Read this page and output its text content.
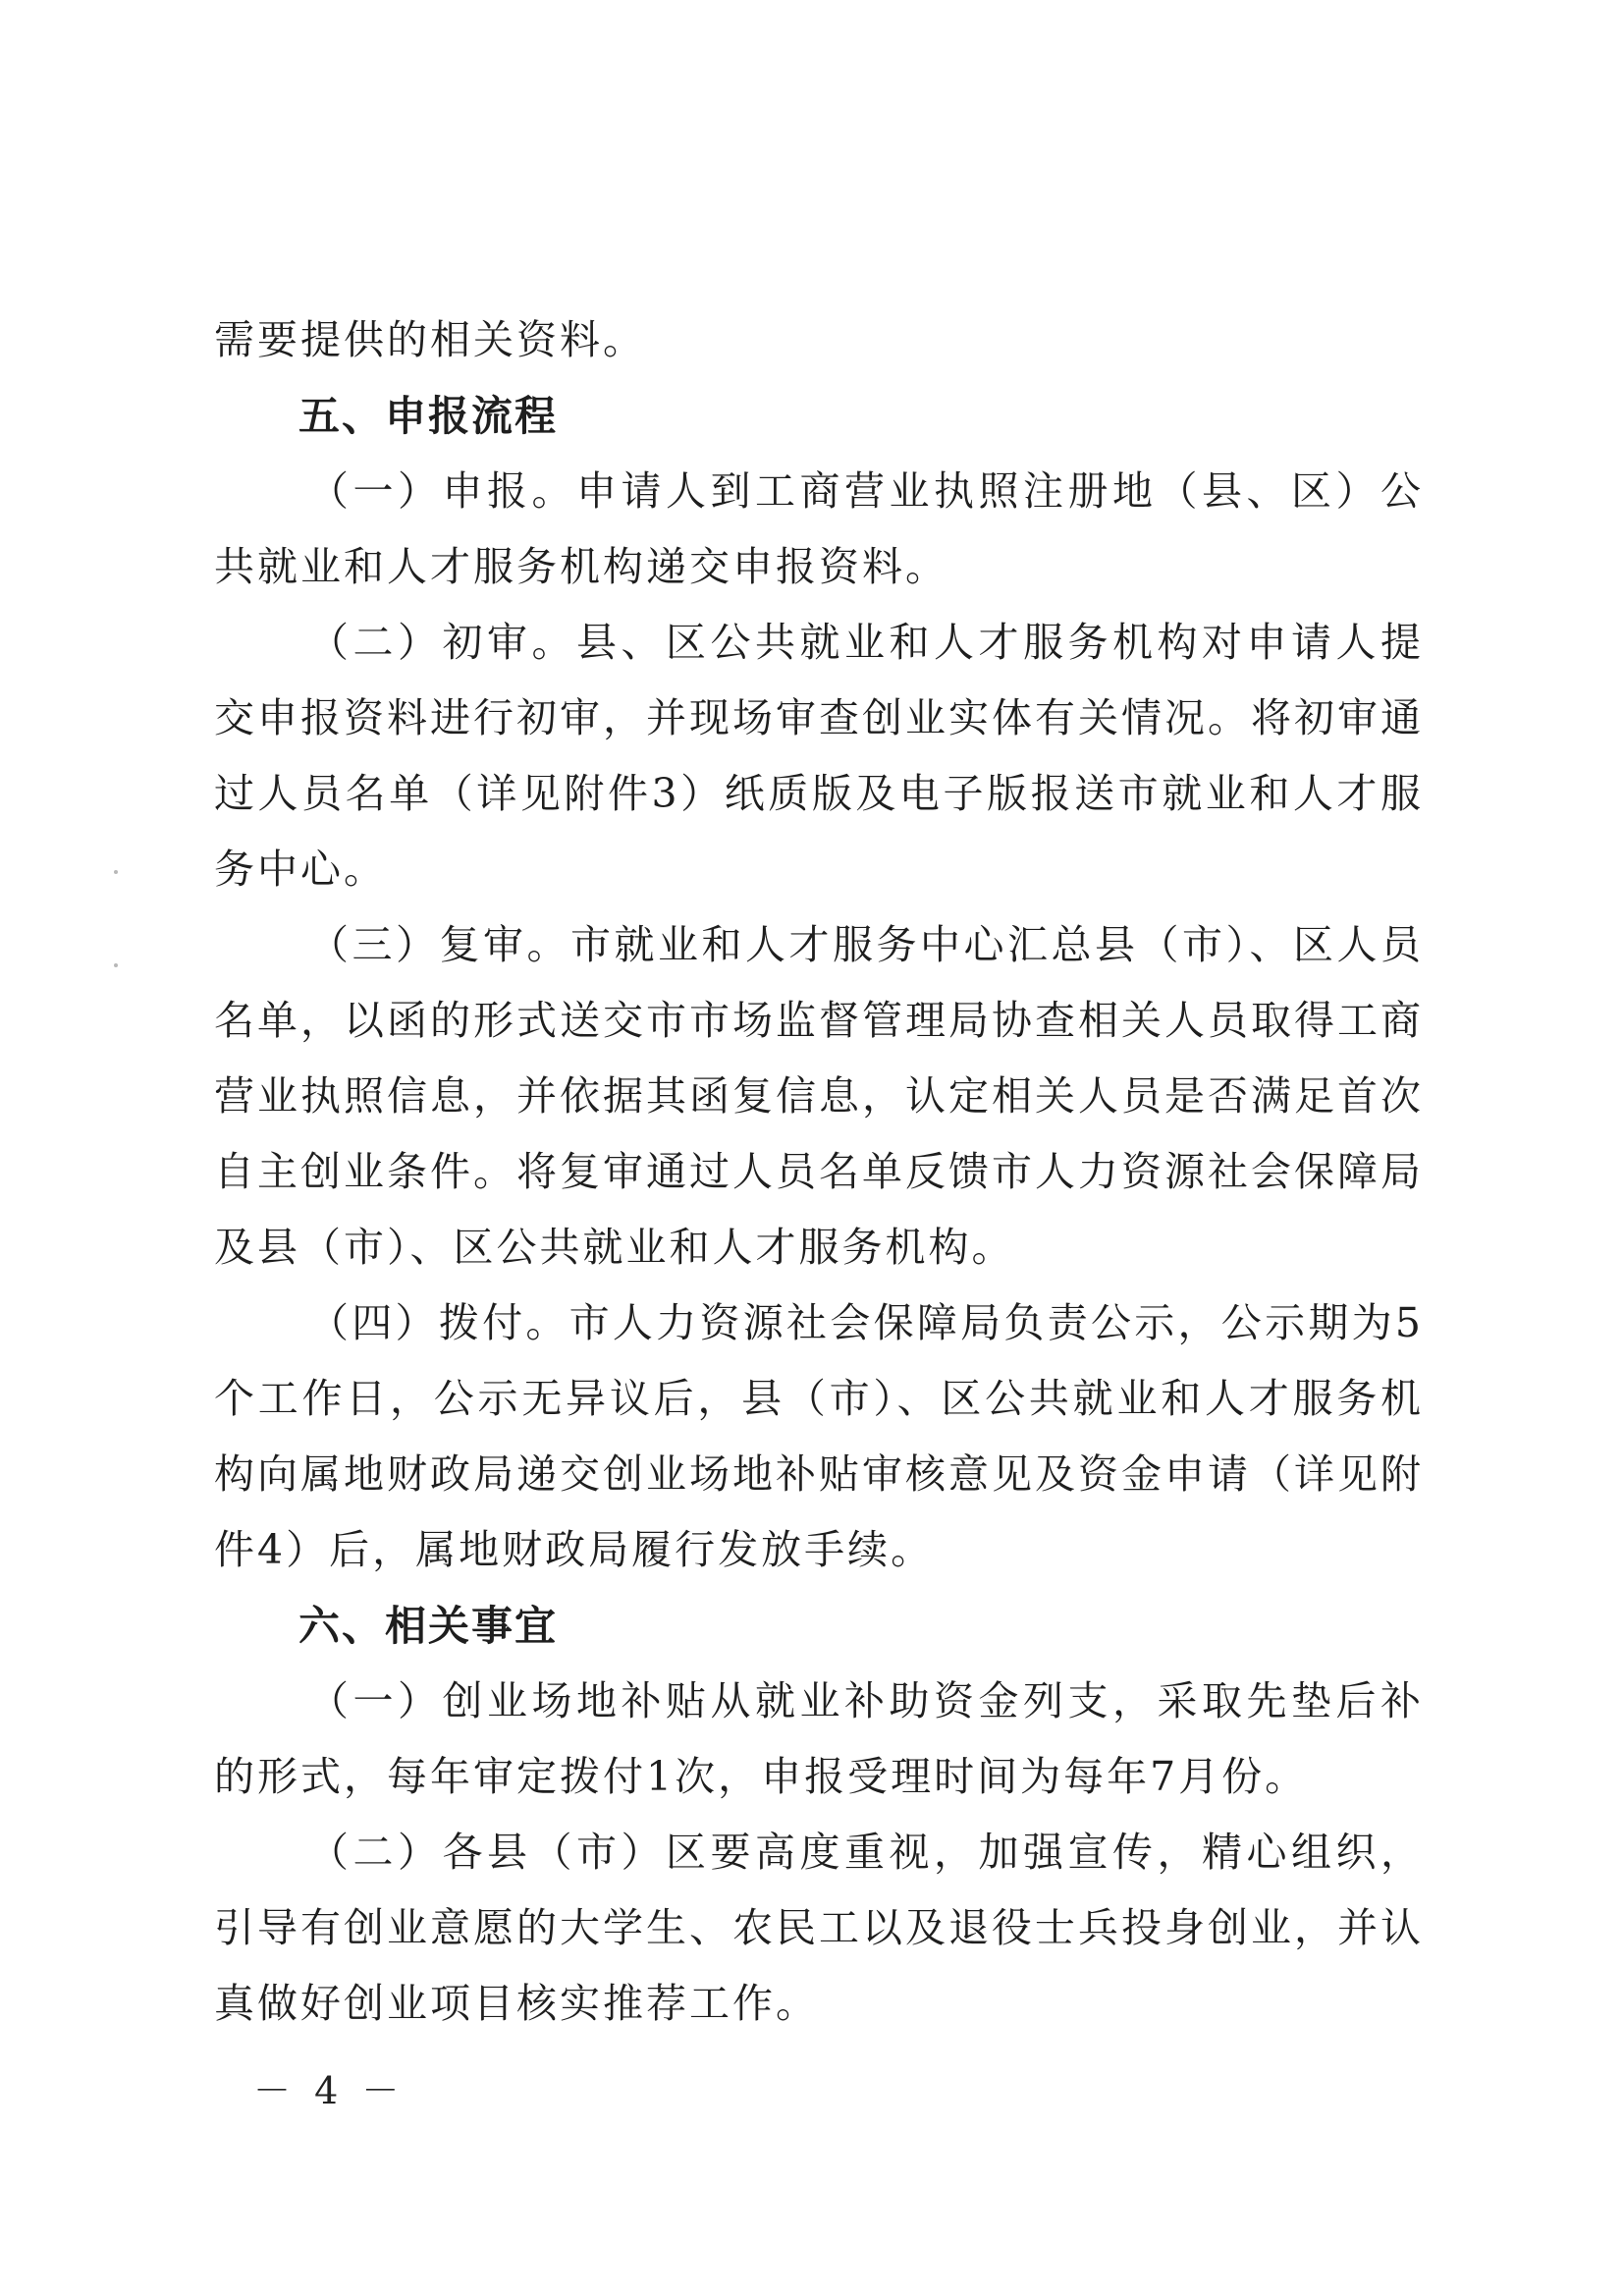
需要提供的相关资料。

五、申报流程

（一）申报。申请人到工商营业执照注册地（县、区）公共就业和人才服务机构递交申报资料。

（二）初审。县、区公共就业和人才服务机构对申请人提交申报资料进行初审，并现场审查创业实体有关情况。将初审通过人员名单（详见附件3）纸质版及电子版报送市就业和人才服务中心。

（三）复审。市就业和人才服务中心汇总县（市）、区人员名单，以函的形式送交市市场监督管理局协查相关人员取得工商营业执照信息，并依据其函复信息，认定相关人员是否满足首次自主创业条件。将复审通过人员名单反馈市人力资源社会保障局及县（市）、区公共就业和人才服务机构。

（四）拨付。市人力资源社会保障局负责公示，公示期为5个工作日，公示无异议后，县（市）、区公共就业和人才服务机构向属地财政局递交创业场地补贴审核意见及资金申请（详见附件4）后，属地财政局履行发放手续。

六、相关事宜

（一）创业场地补贴从就业补助资金列支，采取先垫后补的形式，每年审定拨付1次，申报受理时间为每年7月份。

（二）各县（市）区要高度重视，加强宣传，精心组织，引导有创业意愿的大学生、农民工以及退役士兵投身创业，并认真做好创业项目核实推荐工作。

－ 4 －
